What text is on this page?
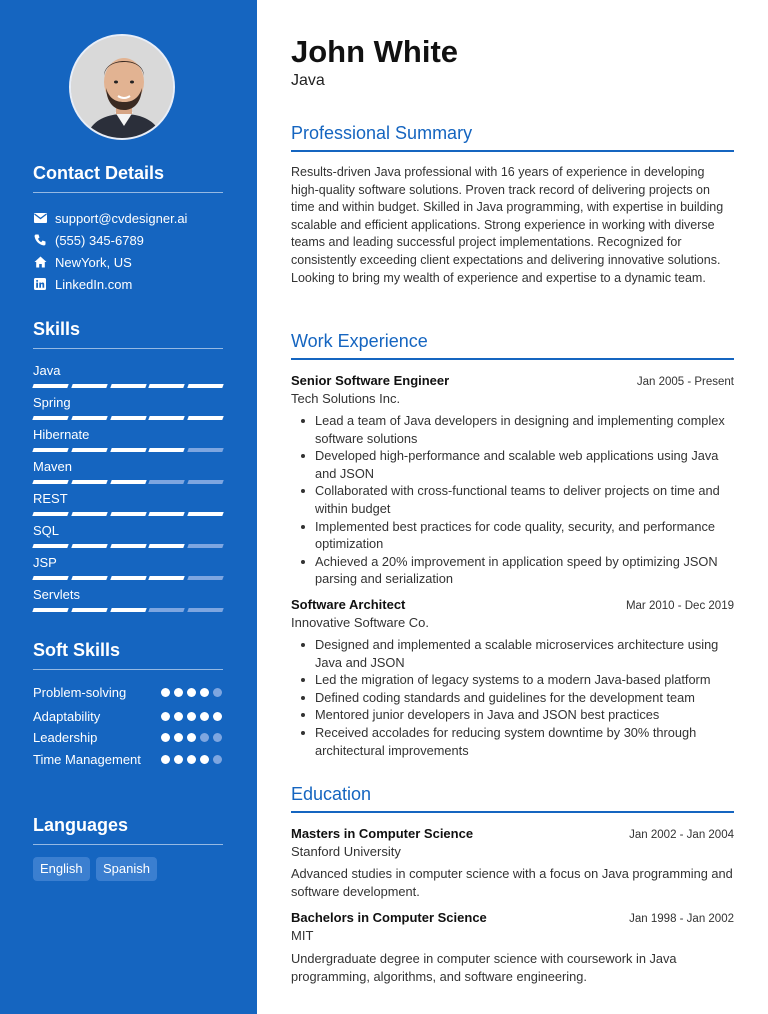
Contact Details
support@cvdesigner.ai
(555) 345-6789
NewYork, US
LinkedIn.com
Skills
Soft Skills
Languages
English	Spanish
Java
Spring
Hibernate
Maven
REST
SQL
JSP
Servlets
Problem-solving
Adaptability
Leadership
Time Management
John White
Java
Professional Summary
Results-driven Java professional with 16 years of experience in developing high-quality software solutions. Proven track record of delivering projects on time and within budget. Skilled in Java programming, with expertise in building scalable and efficient applications. Strong experience in working with diverse teams and leading successful project implementations. Recognized for consistently exceeding client expectations and delivering innovative solutions. Looking to bring my wealth of experience and expertise to a dynamic team.
Work Experience
Senior Software Engineer	Jan 2005 - Present
Tech Solutions Inc.
Lead a team of Java developers in designing and implementing complex software solutions
Developed high-performance and scalable web applications using Java and JSON
Collaborated with cross-functional teams to deliver projects on time and within budget
Implemented best practices for code quality, security, and performance optimization
Achieved a 20% improvement in application speed by optimizing JSON parsing and serialization
Software Architect	Mar 2010 - Dec 2019
Innovative Software Co.
Designed and implemented a scalable microservices architecture using Java and JSON
Led the migration of legacy systems to a modern Java-based platform
Defined coding standards and guidelines for the development team
Mentored junior developers in Java and JSON best practices
Received accolades for reducing system downtime by 30% through architectural improvements
Education
Masters in Computer Science	Jan 2002 - Jan 2004
Stanford University
Advanced studies in computer science with a focus on Java programming and software development.
Bachelors in Computer Science	Jan 1998 - Jan 2002
MIT
Undergraduate degree in computer science with coursework in Java programming, algorithms, and software engineering.
